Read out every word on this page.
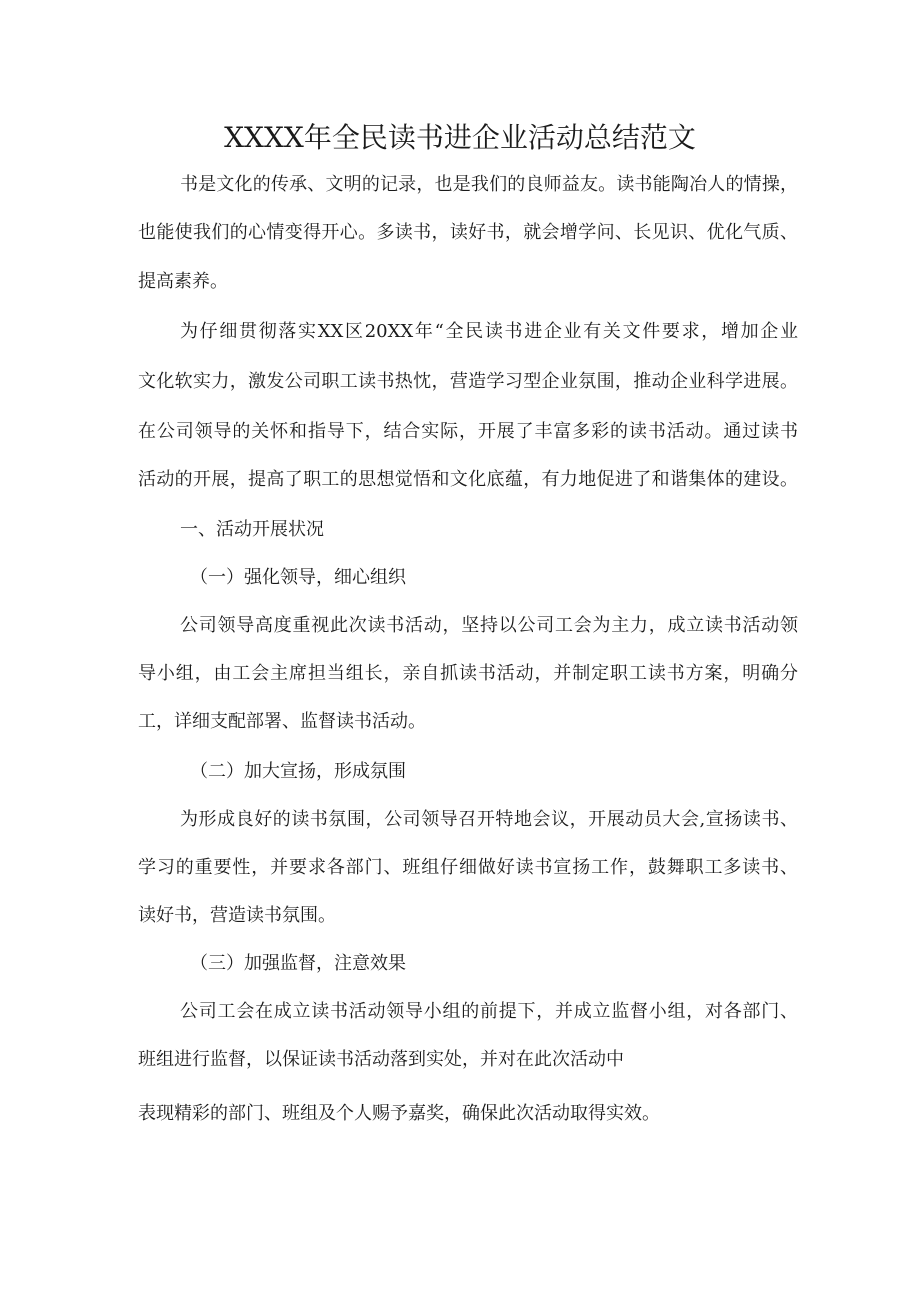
XXXX年全民读书进企业活动总结范文

书是文化的传承、文明的记录，也是我们的良师益友。读书能陶冶人的情操，

也能使我们的心情变得开心。多读书，读好书，就会增学问、长见识、优化气质、

提高素养。

为仔细贯彻落实XX区20XX年“全民读书进企业有关文件要求，增加企业

文化软实力，激发公司职工读书热忱，营造学习型企业氛围，推动企业科学进展。

在公司领导的关怀和指导下，结合实际，开展了丰富多彩的读书活动。通过读书

活动的开展，提高了职工的思想觉悟和文化底蕴，有力地促进了和谐集体的建设。

一、活动开展状况

（一）强化领导，细心组织

公司领导高度重视此次读书活动，坚持以公司工会为主力，成立读书活动领

导小组，由工会主席担当组长，亲自抓读书活动，并制定职工读书方案，明确分

工，详细支配部署、监督读书活动。

（二）加大宣扬，形成氛围

为形成良好的读书氛围，公司领导召开特地会议，开展动员大会,宣扬读书、

学习的重要性，并要求各部门、班组仔细做好读书宣扬工作，鼓舞职工多读书、

读好书，营造读书氛围。

（三）加强监督，注意效果

公司工会在成立读书活动领导小组的前提下，并成立监督小组，对各部门、

班组进行监督，以保证读书活动落到实处，并对在此次活动中

表现精彩的部门、班组及个人赐予嘉奖，确保此次活动取得实效。
